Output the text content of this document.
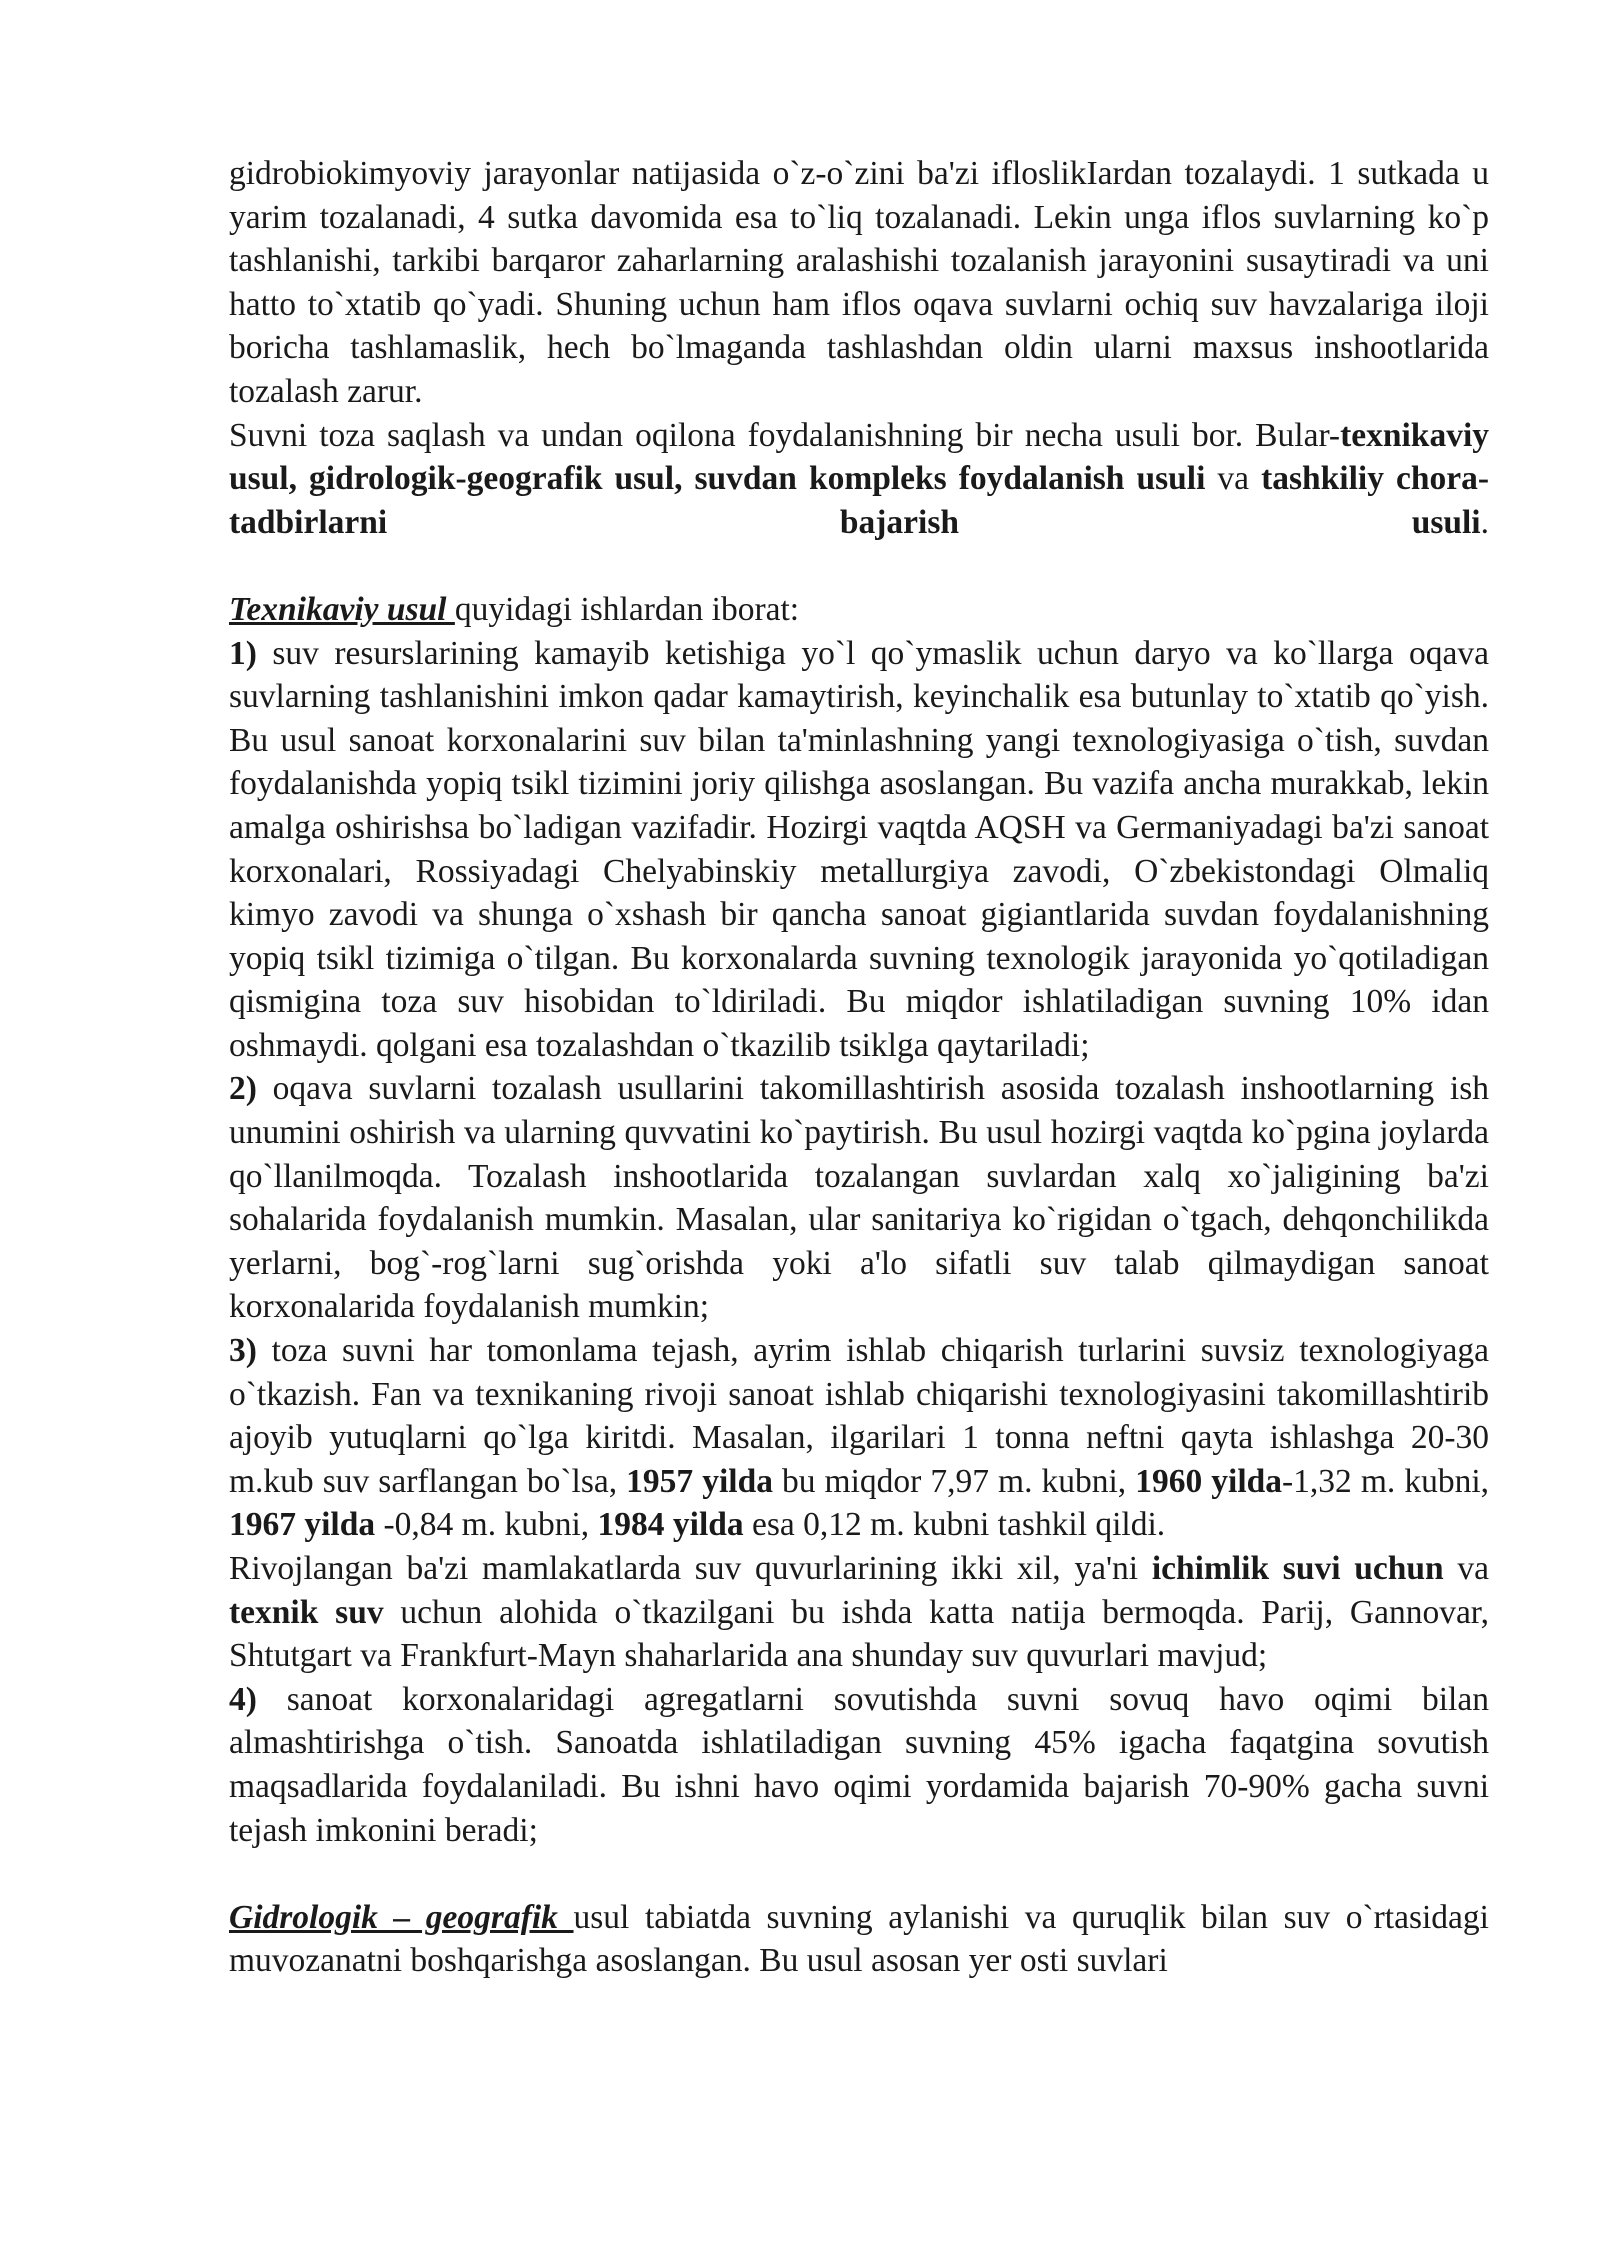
gidrobiokimyoviy jarayonlar natijasida o`z-o`zini ba'zi ifloslikIardan tozalaydi. 1 sutkada u yarim tozalanadi, 4 sutka davomida esa to`liq tozalanadi. Lekin unga iflos suvlarning ko`p tashlanishi, tarkibi barqaror zaharlarning aralashishi tozalanish jarayonini susaytiradi va uni hatto to`xtatib qo`yadi. Shuning uchun ham iflos oqava suvlarni ochiq suv havzalariga iloji boricha tashlamaslik, hech bo`lmaganda tashlashdan oldin ularni maxsus inshootlarida tozalash zarur.

Suvni toza saqlash va undan oqilona foydalanishning bir necha usuli bor. Bular-texnikaviy usul, gidrologik-geografik usul, suvdan kompleks foydalanish usuli va tashkiliy chora-tadbirlarni bajarish usuli.

Texnikaviy usul quyidagi ishlardan iborat:

1) suv resurslarining kamayib ketishiga yo`l qo`ymaslik uchun daryo va ko`llarga oqava suvlarning tashlanishini imkon qadar kamaytirish, keyinchalik esa butunlay to`xtatib qo`yish. Bu usul sanoat korxonalarini suv bilan ta'minlashning yangi texnologiyasiga o`tish, suvdan foydalanishda yopiq tsikl tizimini joriy qilishga asoslangan. Bu vazifa ancha murakkab, lekin amalga oshirishsa bo`ladigan vazifadir. Hozirgi vaqtda AQSH va Germaniyadagi ba'zi sanoat korxonalari, Rossiyadagi Chelyabinskiy metallurgiya zavodi, O`zbekistondagi Olmaliq kimyo zavodi va shunga o`xshash bir qancha sanoat gigiantlarida suvdan foydalanishning yopiq tsikl tizimiga o`tilgan. Bu korxonalarda suvning texnologik jarayonida yo`qotiladigan qismigina toza suv hisobidan to`ldiriladi. Bu miqdor ishlatiladigan suvning 10% idan oshmaydi. qolgani esa tozalashdan o`tkazilib tsiklga qaytariladi;

2) oqava suvlarni tozalash usullarini takomillashtirish asosida tozalash inshootlarning ish unumini oshirish va ularning quvvatini ko`paytirish. Bu usul hozirgi vaqtda ko`pgina joylarda qo`llanilmoqda. Tozalash inshootlarida tozalangan suvlardan xalq xo`jaligining ba'zi sohalarida foydalanish mumkin. Masalan, ular sanitariya ko`rigidan o`tgach, dehqonchilikda yerlarni, bog`-rog`larni sug`orishda yoki a'lo sifatli suv talab qilmaydigan sanoat korxonalarida foydalanish mumkin;

3) toza suvni har tomonlama tejash, ayrim ishlab chiqarish turlarini suvsiz texnologiyaga o`tkazish. Fan va texnikaning rivoji sanoat ishlab chiqarishi texnologiyasini takomillashtirib ajoyib yutuqlarni qo`lga kiritdi. Masalan, ilgarilari 1 tonna neftni qayta ishlashga 20-30 m.kub suv sarflangan bo`lsa, 1957 yilda bu miqdor 7,97 m. kubni, 1960 yilda-1,32 m. kubni, 1967 yilda -0,84 m. kubni, 1984 yilda esa 0,12 m. kubni tashkil qildi.

Rivojlangan ba'zi mamlakatlarda suv quvurlarining ikki xil, ya'ni ichimlik suvi uchun va texnik suv uchun alohida o`tkazilgani bu ishda katta natija bermoqda. Parij, Gannovar, Shtutgart va Frankfurt-Mayn shaharlarida ana shunday suv quvurlari mavjud;

4) sanoat korxonalaridagi agregatlarni sovutishda suvni sovuq havo oqimi bilan almashtirishga o`tish. Sanoatda ishlatiladigan suvning 45% igacha faqatgina sovutish maqsadlarida foydalaniladi. Bu ishni havo oqimi yordamida bajarish 70-90% gacha suvni tejash imkonini beradi;

Gidrologik – geografik usul tabiatda suvning aylanishi va quruqlik bilan suv o`rtasidagi muvozanatni boshqarishga asoslangan. Bu usul asosan yer osti suvlari
